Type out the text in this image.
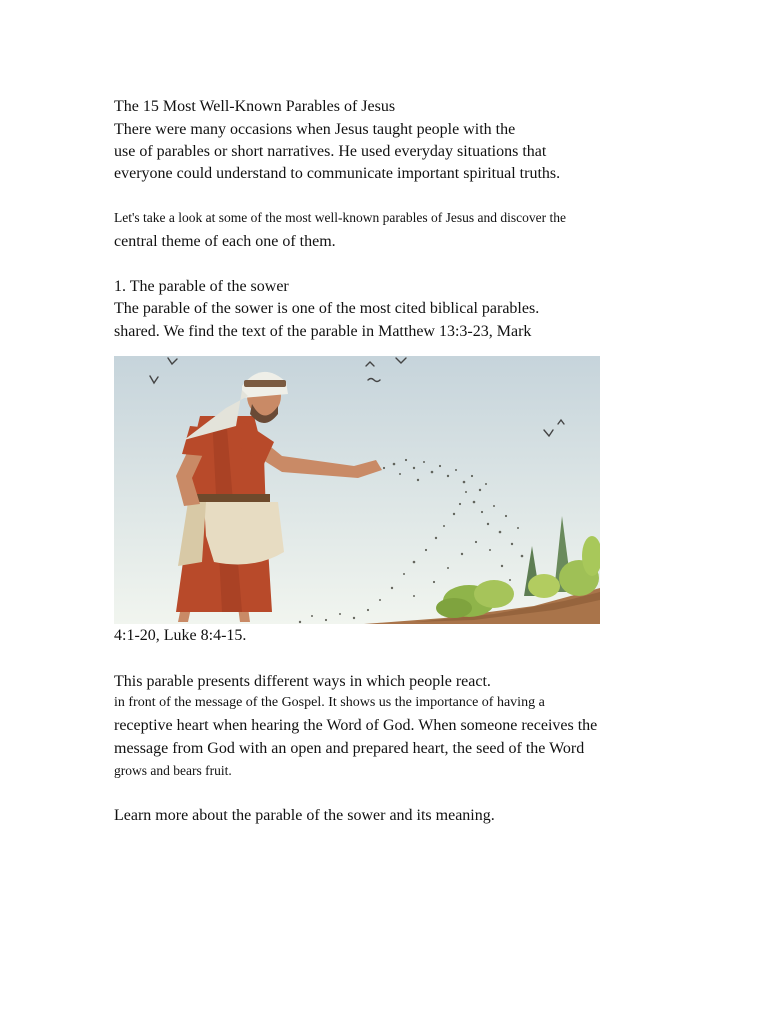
The 15 Most Well-Known Parables of Jesus
There were many occasions when Jesus taught people with the
use of parables or short narratives. He used everyday situations that
everyone could understand to communicate important spiritual truths.
Let's take a look at some of the most well-known parables of Jesus and discover the
central theme of each one of them.
1. The parable of the sower
The parable of the sower is one of the most cited biblical parables.
shared. We find the text of the parable in Matthew 13:3-23, Mark
4:1-20, Luke 8:4-15.
This parable presents different ways in which people react.
in front of the message of the Gospel. It shows us the importance of having a
receptive heart when hearing the Word of God. When someone receives the
message from God with an open and prepared heart, the seed of the Word
grows and bears fruit.
Learn more about the parable of the sower and its meaning.
